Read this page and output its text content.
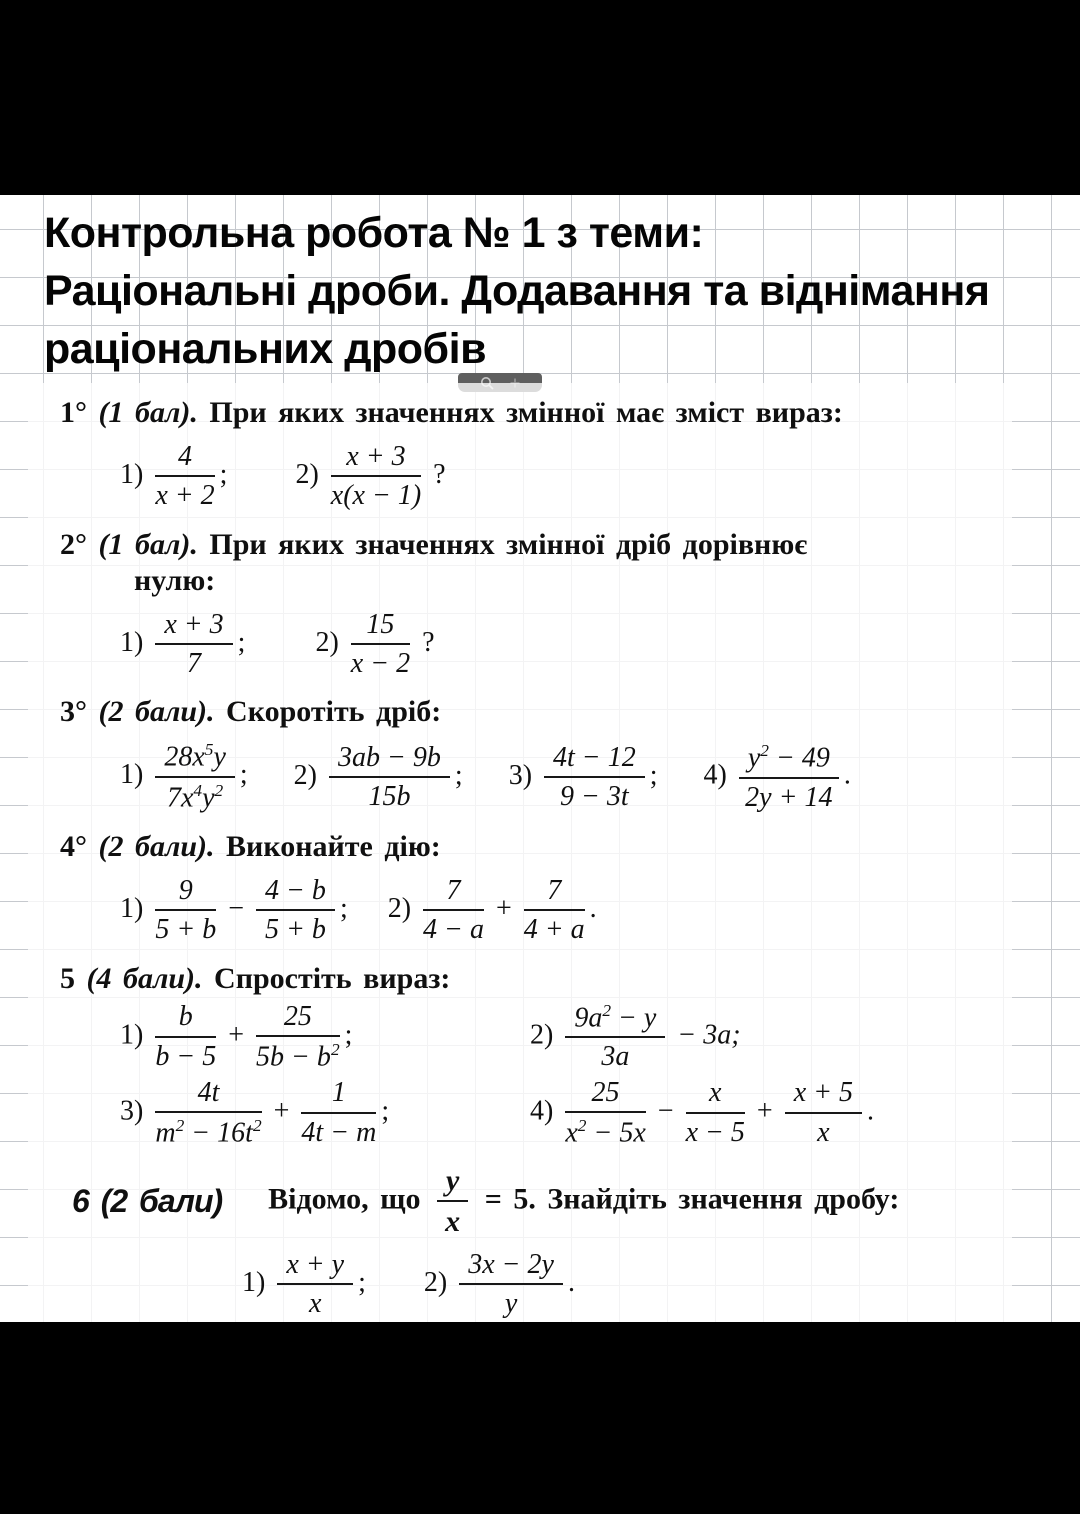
Контрольна робота № 1 з теми:
Раціональні дроби. Додавання та віднімання
раціональних дробів
1° (1 бал). При яких значеннях змінної має зміст вираз:
$1) \frac{4}{x + 2}$ ; $2) \frac{x + 3}{x(x - 1)}$ ?
2° (1 бал). При яких значеннях змінної дріб дорівнює
нулю:
$1) \frac{x + 3}{7}$ ;	$2) \frac{15}{x - 2}$ ?
3° (2 бали). Скоротіть дріб:
$1) \frac{28x^5y}{7x^4y^2}$ ; $2) \frac{3ab - 9b}{15b}$ ; $3) \frac{4t - 12}{9 - 3t}$ ; $4) \frac{y^2 - 49}{2y + 14}$ .
4° (2 бали). Виконайте дію:
$1) \frac{9}{5 + b} - \frac{4 - b}{5 + b}$ ; $2) \frac{7}{4 - a} + \frac{7}{4 + a}$ .
5 (4 бали). Спростіть вираз:
$1) \frac{b}{b - 5} + \frac{25}{5b - b^2}$ ;	$2) \frac{9a^2 - y}{3a} - 3a$;
$3) \frac{4t}{m^2 - 16t^2} + \frac{1}{4t - m}$ ;	$4) \frac{25}{x^2 - 5x} - \frac{x}{x - 5} + \frac{x + 5}{x}$ .
6 (2 бали) Відомо, що $\frac{y}{x} = 5$. Знайдіть значення дробу:
$1) \frac{x + y}{x}$ ; $2) \frac{3x - 2y}{y}$ .
